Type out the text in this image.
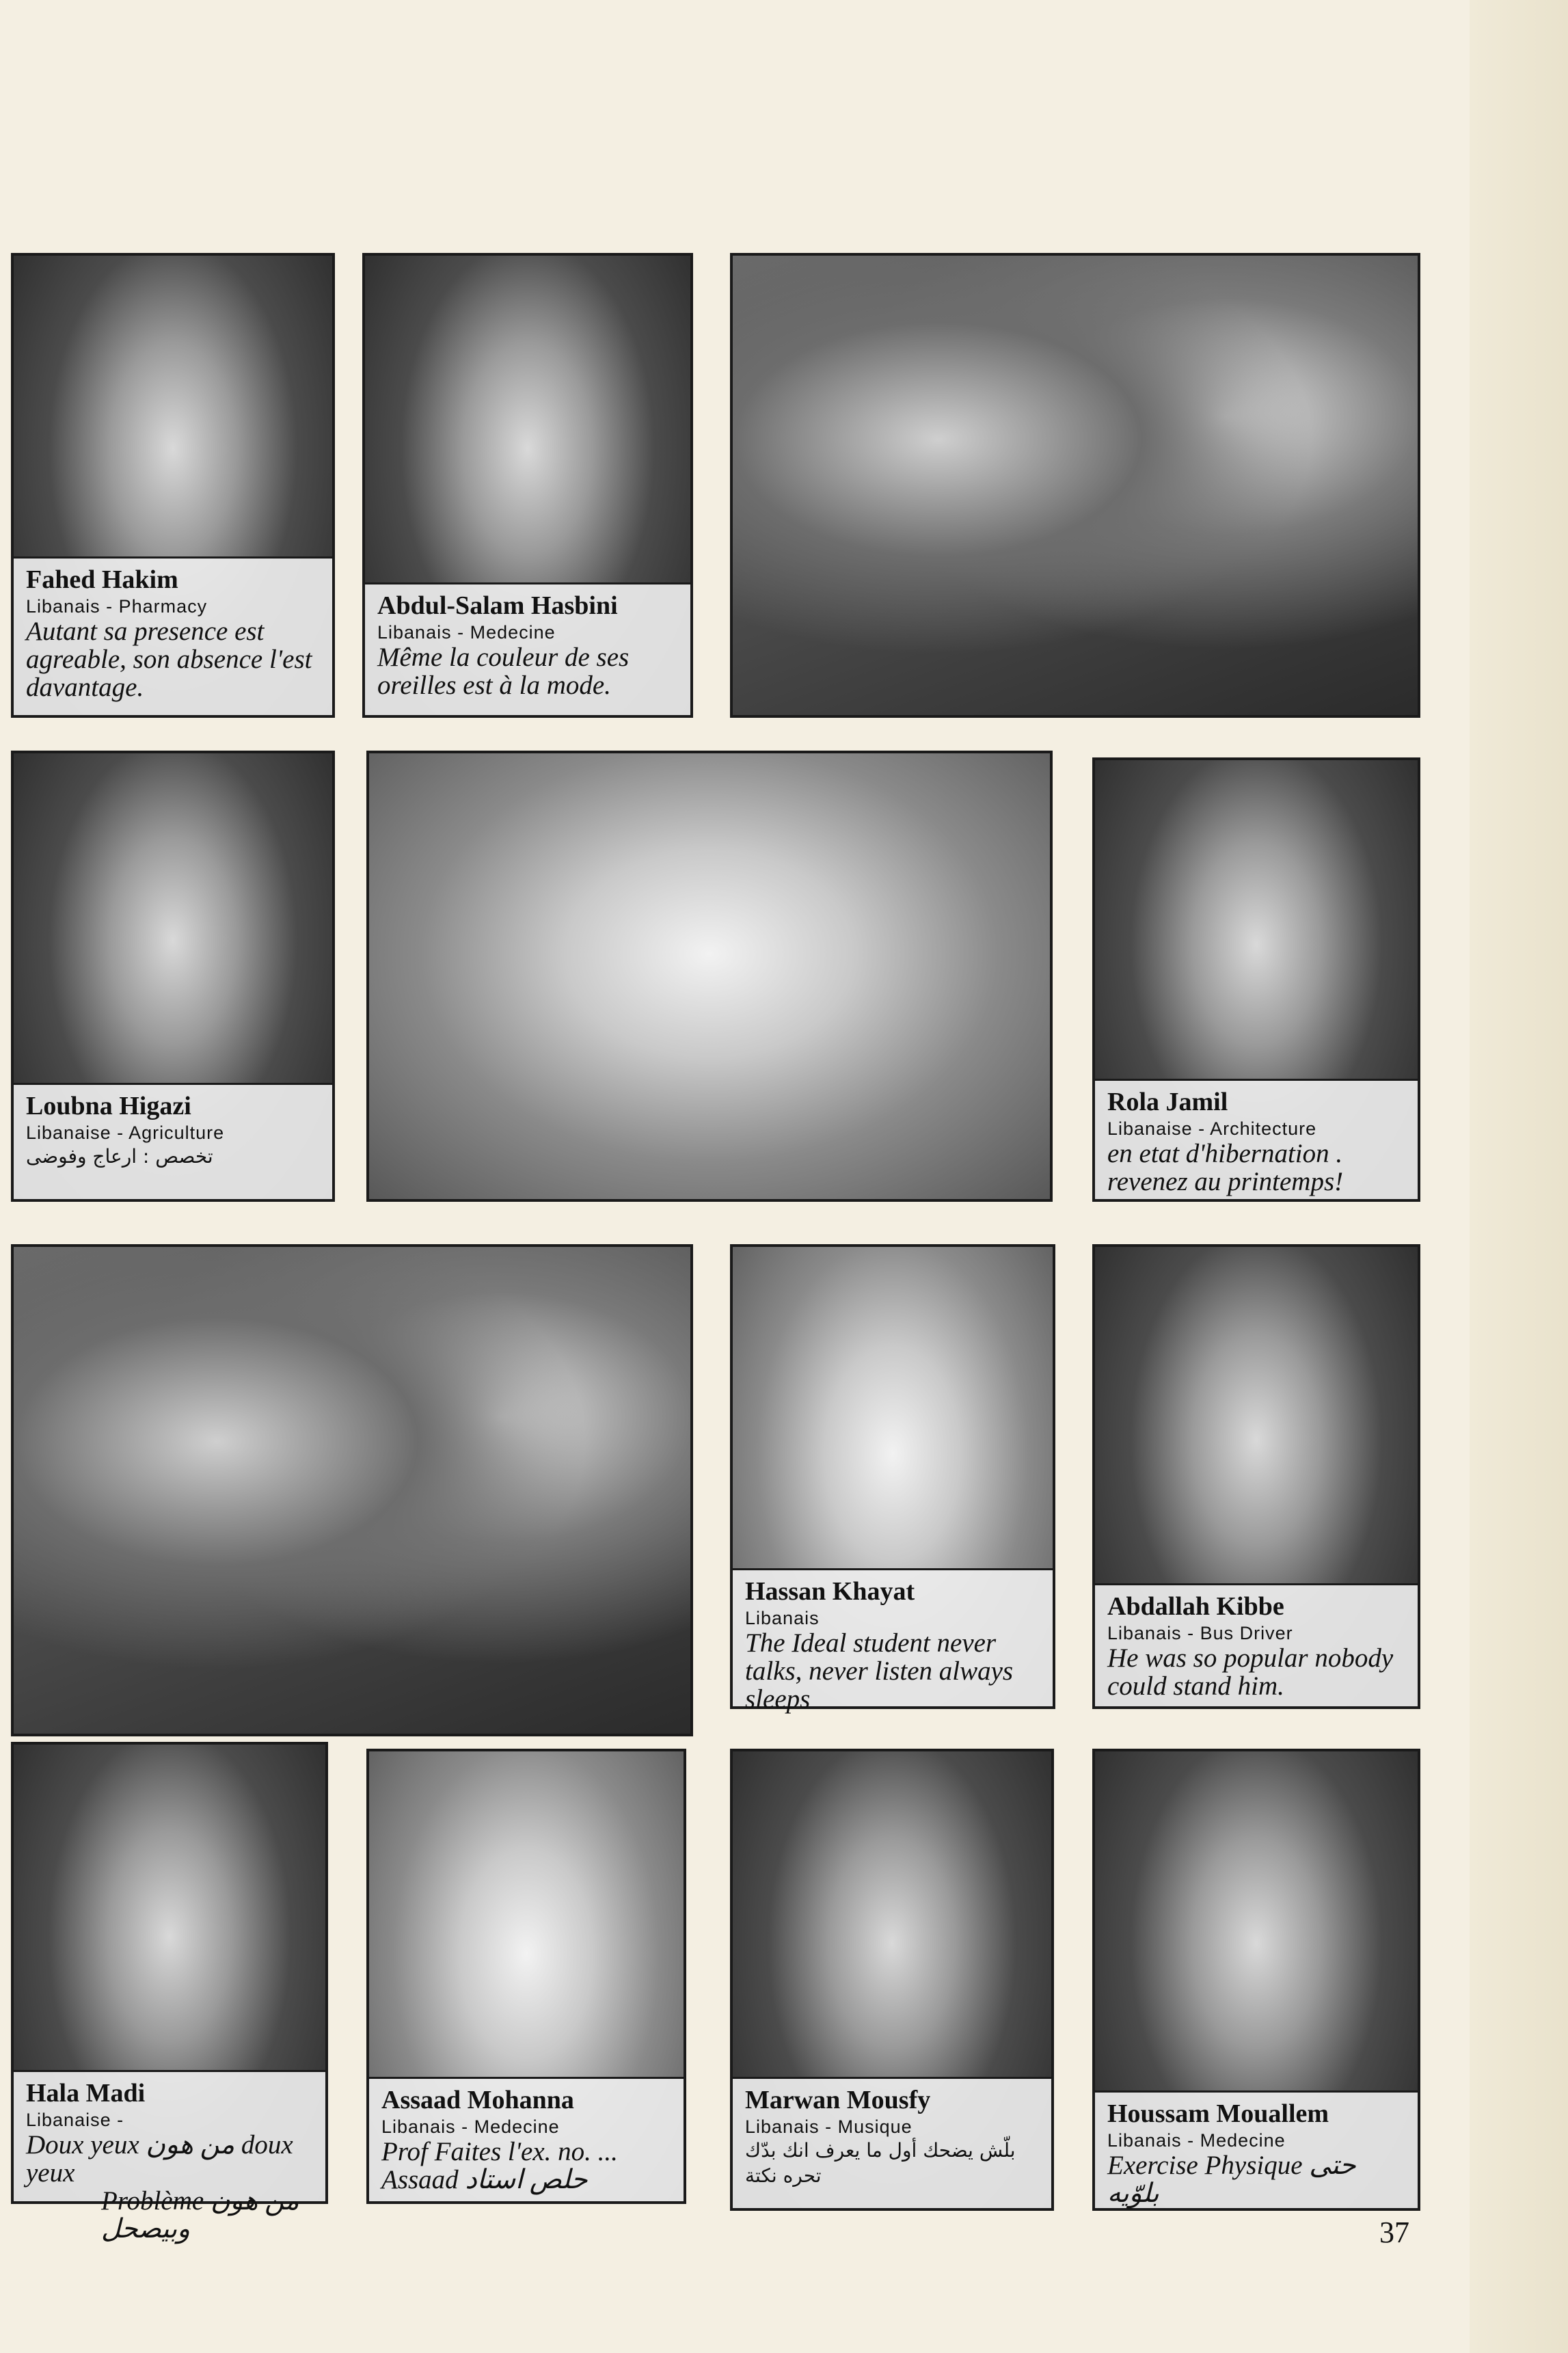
Fahed Hakim
Libanais - Pharmacy
Autant sa presence est agreable, son absence l'est davantage.
Abdul-Salam Hasbini
Libanais - Medecine
Même la couleur de ses oreilles est à la mode.
Loubna Higazi
Libanaise - Agriculture
تخصص : ارعاج وفوضى
Rola Jamil
Libanaise - Architecture
en etat d'hibernation . revenez au printemps!
Hassan Khayat
Libanais
The Ideal student never talks, never listen always sleeps
Abdallah Kibbe
Libanais - Bus Driver
He was so popular nobody could stand him.
Hala Madi
Libanaise -
Doux yeux من هون doux yeux
Problème من هون وبيصحل
Assaad Mohanna
Libanais - Medecine
Prof Faites l'ex. no. ...
Assaad حلص استاد
Marwan Mousfy
Libanais - Musique
بلّش يضحك أول ما يعرف انك بدّك تحره نكتة
Houssam Mouallem
Libanais - Medecine
Exercise Physique حتى بلوّيه
37
